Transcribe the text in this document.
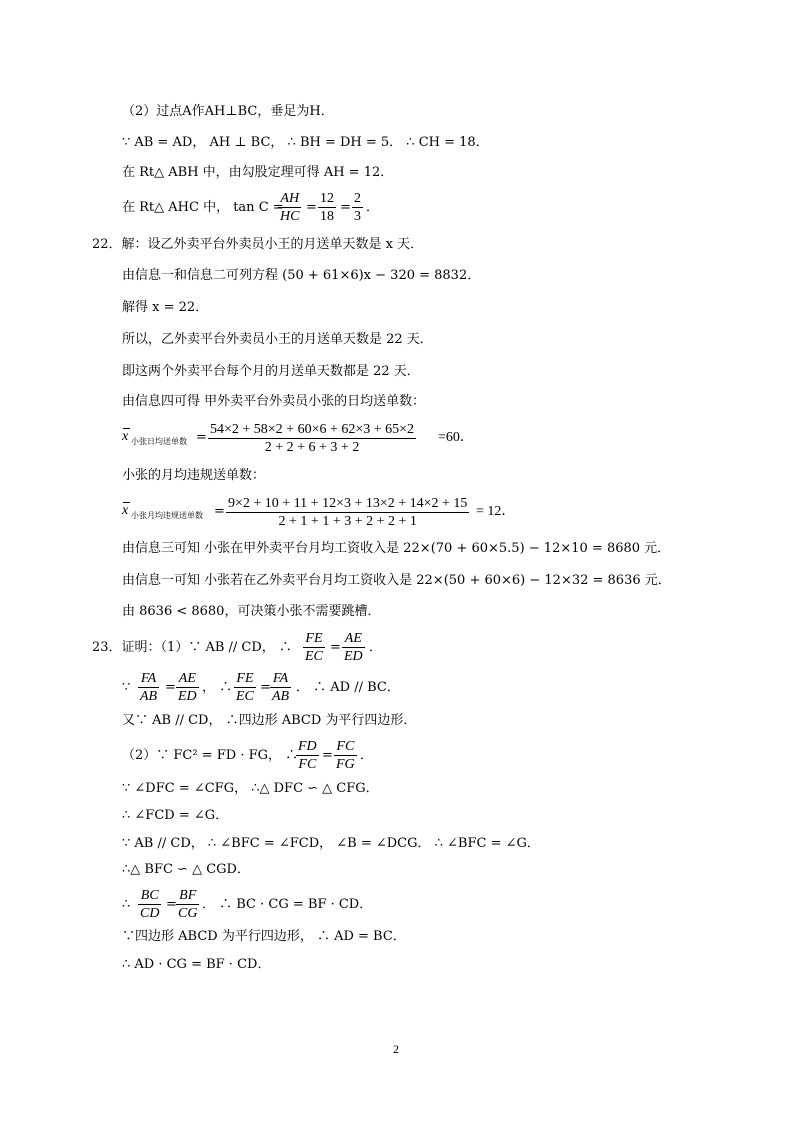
（2）过点A作AH⊥BC，垂足为H．
∵ AB = AD， AH ⊥ BC， ∴ BH = DH = 5． ∴ CH = 18．
在 Rt△ ABH 中，由勾股定理可得 AH = 12．
在 Rt△ AHC 中， tan C =
AH
HC
=
12
18
=
2
3
．
22．解：设乙外卖平台外卖员小王的月送单天数是 x 天．
由信息一和信息二可列方程 (50 + 61×6)x − 320 = 8832．
解得 x = 22．
所以，乙外卖平台外卖员小王的月送单天数是 22 天．
即这两个外卖平台每个月的月送单天数都是 22 天．
由信息四可得 甲外卖平台外卖员小张的日均送单数：
x 小张日均送单数 =
54×2 + 58×2 + 60×6 + 62×3 + 65×2
2 + 2 + 6 + 3 + 2
=60．
小张的月均违规送单数：
x 小张月均违规送单数 =
9×2 + 10 + 11 + 12×3 + 13×2 + 14×2 + 15
2 + 1 + 1 + 3 + 2 + 2 + 1
= 12．
由信息三可知 小张在甲外卖平台月均工资收入是 22×(70 + 60×5.5) − 12×10 = 8680 元．
由信息一可知 小张若在乙外卖平台月均工资收入是 22×(50 + 60×6) − 12×32 = 8636 元．
由 8636 < 8680，可决策小张不需要跳槽．
23．证明：（1）∵ AB // CD， ∴
FE
EC
=
AE
ED
．
∵
FA
AB
=
AE
ED
， ∴
FE
EC
=
FA
AB
． ∴ AD // BC．
又∵ AB // CD， ∴四边形 ABCD 为平行四边形．
（2）∵ FC² = FD · FG， ∴
FD
FC
=
FC
FG
．
∵ ∠DFC = ∠CFG， ∴△ DFC ∽ △ CFG．
∴ ∠FCD = ∠G．
∵ AB // CD， ∴ ∠BFC = ∠FCD， ∠B = ∠DCG． ∴ ∠BFC = ∠G．
∴△ BFC ∽ △ CGD．
∴
BC
CD
=
BF
CG
． ∴ BC · CG = BF · CD．
∵四边形 ABCD 为平行四边形， ∴ AD = BC．
∴ AD · CG = BF · CD．
2
